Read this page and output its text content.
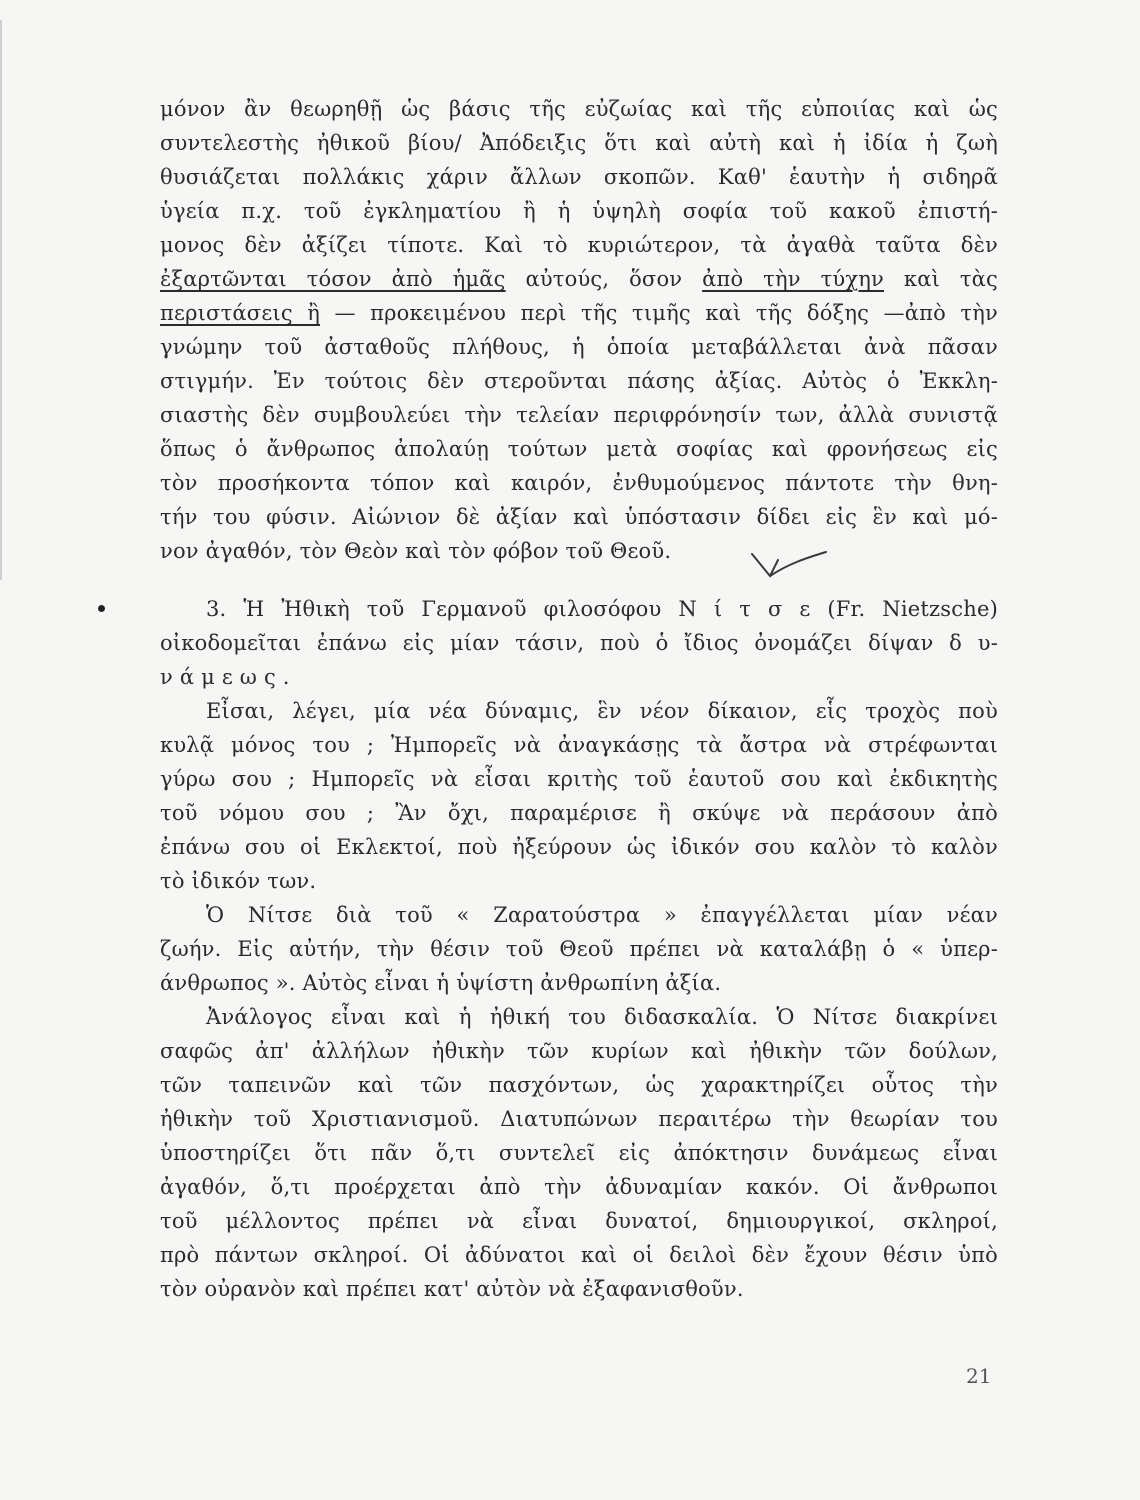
μόνον ἂν θεωρηθῇ ὡς βάσις τῆς εὐζωίας καὶ τῆς εὐποιίας καὶ ὡς
συντελεστὴς ἠθικοῦ βίου/ Ἀπόδειξις ὅτι καὶ αὐτὴ καὶ ἡ ἰδία ἡ ζωὴ
θυσιάζεται πολλάκις χάριν ἄλλων σκοπῶν. Καθ' ἑαυτὴν ἡ σιδηρᾶ
ὑγεία π.χ. τοῦ ἐγκληματίου ἢ ἡ ὑψηλὴ σοφία τοῦ κακοῦ ἐπιστή-
μονος δὲν ἀξίζει τίποτε. Καὶ τὸ κυριώτερον, τὰ ἀγαθὰ ταῦτα δὲν
ἐξαρτῶνται τόσον ἀπὸ ἡμᾶς αὐτούς, ὅσον ἀπὸ τὴν τύχην καὶ τὰς
περιστάσεις ἢ — προκειμένου περὶ τῆς τιμῆς καὶ τῆς δόξης —ἀπὸ τὴν
γνώμην τοῦ ἀσταθοῦς πλήθους, ἡ ὁποία μεταβάλλεται ἀνὰ πᾶσαν
στιγμήν. Ἐν τούτοις δὲν στεροῦνται πάσης ἀξίας. Αὐτὸς ὁ Ἐκκλη-
σιαστὴς δὲν συμβουλεύει τὴν τελείαν περιφρόνησίν των, ἀλλὰ συνιστᾷ
ὅπως ὁ ἄνθρωπος ἀπολαύῃ τούτων μετὰ σοφίας καὶ φρονήσεως εἰς
τὸν προσήκοντα τόπον καὶ καιρόν, ἐνθυμούμενος πάντοτε τὴν θνη-
τήν του φύσιν. Αἰώνιον δὲ ἀξίαν καὶ ὑπόστασιν δίδει εἰς ἓν καὶ μό-
νον ἀγαθόν, τὸν Θεὸν καὶ τὸν φόβον τοῦ Θεοῦ.
3. Ἡ Ἠθικὴ τοῦ Γερμανοῦ φιλοσόφου Ν ί τ σ ε (Fr. Nietzsche)
οἰκοδομεῖται ἐπάνω εἰς μίαν τάσιν, ποὺ ὁ ἴδιος ὀνομάζει δίψαν δ υ-
ν ά μ ε ω ς .
Εἶσαι, λέγει, μία νέα δύναμις, ἓν νέον δίκαιον, εἷς τροχὸς ποὺ
κυλᾷ μόνος του ; Ἠμπορεῖς νὰ ἀναγκάσῃς τὰ ἄστρα νὰ στρέφωνται
γύρω σου ; Ημπορεῖς νὰ εἶσαι κριτὴς τοῦ ἑαυτοῦ σου καὶ ἐκδικητὴς
τοῦ νόμου σου ; Ἂν ὄχι, παραμέρισε ἢ σκύψε νὰ περάσουν ἀπὸ
ἐπάνω σου οἱ Εκλεκτοί, ποὺ ἠξεύρουν ὡς ἰδικόν σου καλὸν τὸ καλὸν
τὸ ἰδικόν των.
Ὁ Νίτσε διὰ τοῦ « Ζαρατούστρα » ἐπαγγέλλεται μίαν νέαν
ζωήν. Εἰς αὐτήν, τὴν θέσιν τοῦ Θεοῦ πρέπει νὰ καταλάβῃ ὁ « ὑπερ-
άνθρωπος ». Αὐτὸς εἶναι ἡ ὑψίστη ἀνθρωπίνη ἀξία.
Ἀνάλογος εἶναι καὶ ἡ ἠθική του διδασκαλία. Ὁ Νίτσε διακρίνει
σαφῶς ἀπ' ἀλλήλων ἠθικὴν τῶν κυρίων καὶ ἠθικὴν τῶν δούλων,
τῶν ταπεινῶν καὶ τῶν πασχόντων, ὡς χαρακτηρίζει οὗτος τὴν
ἠθικὴν τοῦ Χριστιανισμοῦ. Διατυπώνων περαιτέρω τὴν θεωρίαν του
ὑποστηρίζει ὅτι πᾶν ὅ,τι συντελεῖ εἰς ἀπόκτησιν δυνάμεως εἶναι
ἀγαθόν, ὅ,τι προέρχεται ἀπὸ τὴν ἀδυναμίαν κακόν. Οἱ ἄνθρωποι
τοῦ μέλλοντος πρέπει νὰ εἶναι δυνατοί, δημιουργικοί, σκληροί,
πρὸ πάντων σκληροί. Οἱ ἀδύνατοι καὶ οἱ δειλοὶ δὲν ἔχουν θέσιν ὑπὸ
τὸν οὐρανὸν καὶ πρέπει κατ' αὐτὸν νὰ ἐξαφανισθοῦν.
21
